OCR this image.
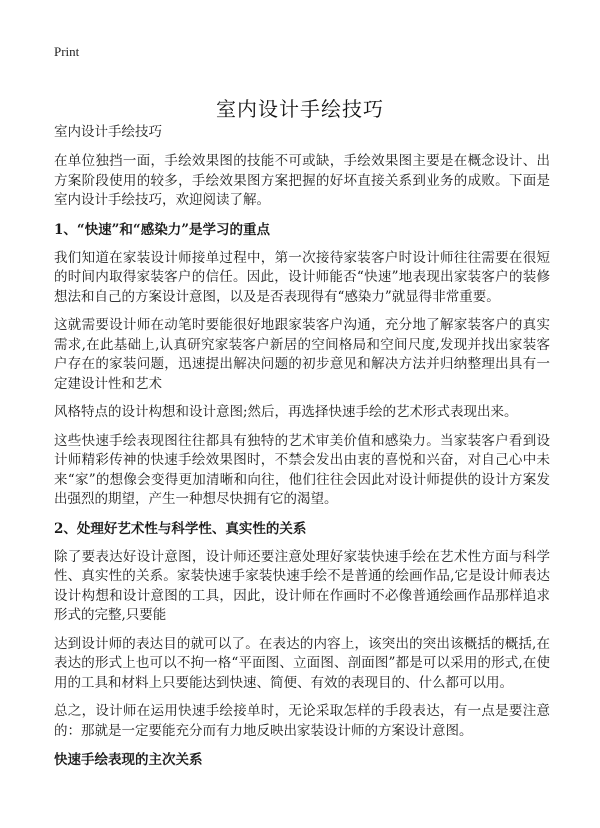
Print
室内设计手绘技巧
室内设计手绘技巧

在单位独挡一面，手绘效果图的技能不可或缺，手绘效果图主要是在概念设计、出方案阶段使用的较多，手绘效果图方案把握的好坏直接关系到业务的成败。下面是室内设计手绘技巧，欢迎阅读了解。

1、“快速”和“感染力”是学习的重点

我们知道在家装设计师接单过程中，第一次接待家装客户时设计师往往需要在很短的时间内取得家装客户的信任。因此，设计师能否“快速”地表现出家装客户的装修想法和自己的方案设计意图，以及是否表现得有“感染力”就显得非常重要。

这就需要设计师在动笔时要能很好地跟家装客户沟通，充分地了解家装客户的真实需求,在此基础上,认真研究家装客户新居的空间格局和空间尺度,发现并找出家装客户存在的家装问题，迅速提出解决问题的初步意见和解决方法并归纳整理出具有一定建设计性和艺术

风格特点的设计构想和设计意图;然后，再选择快速手绘的艺术形式表现出来。

这些快速手绘表现图往往都具有独特的艺术审美价值和感染力。当家装客户看到设计师精彩传神的快速手绘效果图时，不禁会发出由衷的喜悦和兴奋，对自己心中未来“家”的想像会变得更加清晰和向往，他们往往会因此对设计师提供的设计方案发出强烈的期望，产生一种想尽快拥有它的渴望。

2、处理好艺术性与科学性、真实性的关系

除了要表达好设计意图，设计师还要注意处理好家装快速手绘在艺术性方面与科学性、真实性的关系。家装快速手家装快速手绘不是普通的绘画作品,它是设计师表达设计构想和设计意图的工具，因此，设计师在作画时不必像普通绘画作品那样追求形式的完整,只要能

达到设计师的表达目的就可以了。在表达的内容上，该突出的突出该概括的概括,在表达的形式上也可以不拘一格“平面图、立面图、剖面图”都是可以采用的形式,在使用的工具和材料上只要能达到快速、简便、有效的表现目的、什么都可以用。

总之，设计师在运用快速手绘接单时，无论采取怎样的手段表达，有一点是要注意的：那就是一定要能充分而有力地反映出家装设计师的方案设计意图。

快速手绘表现的主次关系
